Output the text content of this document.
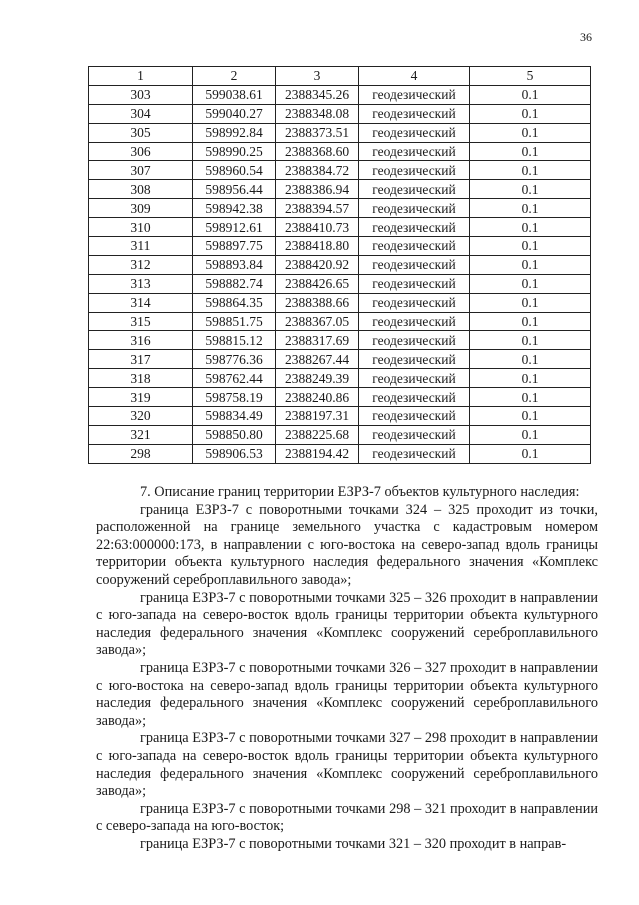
36
1	2	3	4	5
303	599038.61	2388345.26	геодезический	0.1
304	599040.27	2388348.08	геодезический	0.1
305	598992.84	2388373.51	геодезический	0.1
306	598990.25	2388368.60	геодезический	0.1
307	598960.54	2388384.72	геодезический	0.1
308	598956.44	2388386.94	геодезический	0.1
309	598942.38	2388394.57	геодезический	0.1
310	598912.61	2388410.73	геодезический	0.1
311	598897.75	2388418.80	геодезический	0.1
312	598893.84	2388420.92	геодезический	0.1
313	598882.74	2388426.65	геодезический	0.1
314	598864.35	2388388.66	геодезический	0.1
315	598851.75	2388367.05	геодезический	0.1
316	598815.12	2388317.69	геодезический	0.1
317	598776.36	2388267.44	геодезический	0.1
318	598762.44	2388249.39	геодезический	0.1
319	598758.19	2388240.86	геодезический	0.1
320	598834.49	2388197.31	геодезический	0.1
321	598850.80	2388225.68	геодезический	0.1
298	598906.53	2388194.42	геодезический	0.1

7. Описание границ территории ЕЗРЗ-7 объектов культурного наследия:

граница ЕЗРЗ-7 с поворотными точками 324 – 325 проходит из точки, расположенной на границе земельного участка с кадастровым номером 22:63:000000:173, в направлении с юго-востока на северо-запад вдоль границы территории объекта культурного наследия федерального значения «Комплекс сооружений сереброплавильного завода»;

граница ЕЗРЗ-7 с поворотными точками 325 – 326 проходит в направлении с юго-запада на северо-восток вдоль границы территории объекта культурного наследия федерального значения «Комплекс сооружений сереброплавильного завода»;

граница ЕЗРЗ-7 с поворотными точками 326 – 327 проходит в направлении с юго-востока на северо-запад вдоль границы территории объекта культурного наследия федерального значения «Комплекс сооружений сереброплавильного завода»;

граница ЕЗРЗ-7 с поворотными точками 327 – 298 проходит в направлении с юго-запада на северо-восток вдоль границы территории объекта культурного наследия федерального значения «Комплекс сооружений сереброплавильного завода»;

граница ЕЗРЗ-7 с поворотными точками 298 – 321 проходит в направлении с северо-запада на юго-восток;

граница ЕЗРЗ-7 с поворотными точками 321 – 320 проходит в направ-
